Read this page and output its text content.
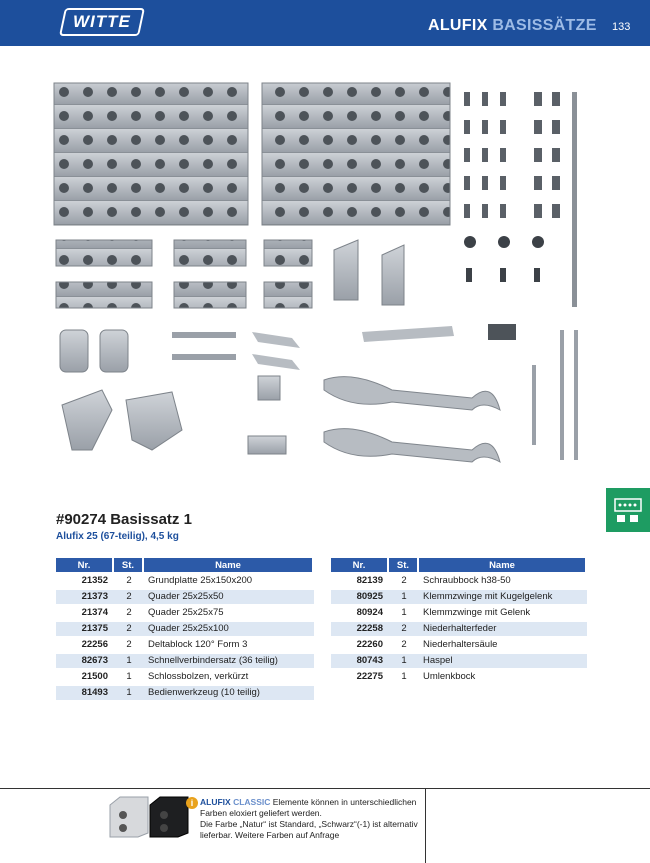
WITTE	ALUFIX BASISSÄTZE 133
#90274 Basissatz 1
Alufix 25 (67-teilig), 4,5 kg
Nr.	St.	Name
21352	2	Grundplatte 25x150x200
21373	2	Quader 25x25x50
21374	2	Quader 25x25x75
21375	2	Quader 25x25x100
22256	2	Deltablock 120° Form 3
82673	1	Schnellverbindersatz (36 teilig)
21500	1	Schlossbolzen, verkürzt
81493	1	Bedienwerkzeug (10 teilig)
Nr.	St.	Name
82139	2	Schraubbock h38-50
80925	1	Klemmzwinge mit Kugelgelenk
80924	1	Klemmzwinge mit Gelenk
22258	2	Niederhalterfeder
22260	2	Niederhaltersäule
80743	1	Haspel
22275	1	Umlenkbock
i ALUFIX CLASSIC Elemente können in unterschiedlichen Farben eloxiert geliefert werden.
Die Farbe „Natur“ ist Standard, „Schwarz“(-1) ist alternativ lieferbar. Weitere Farben auf Anfrage
